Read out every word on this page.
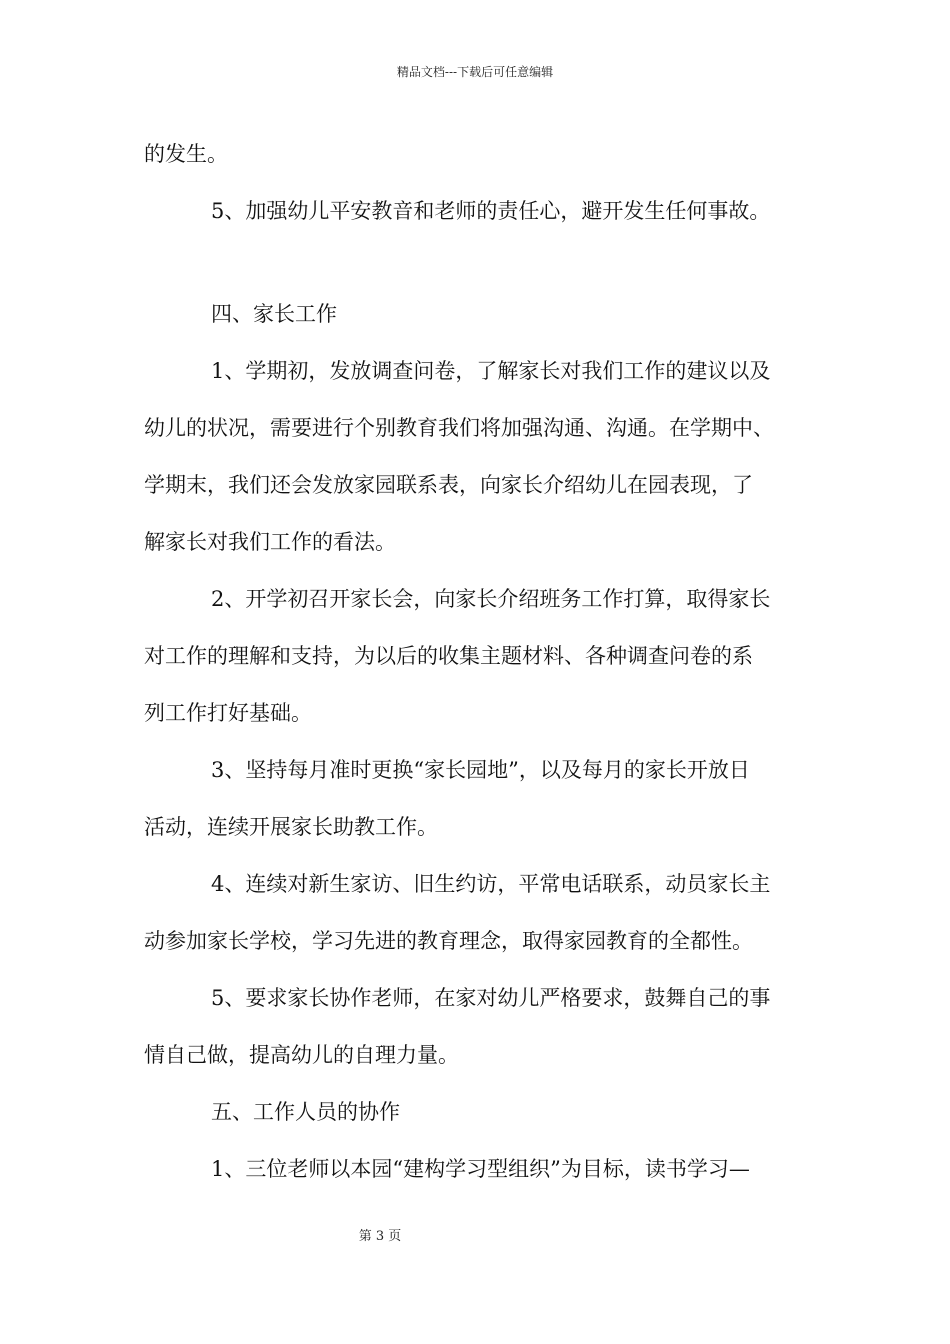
精品文档---下载后可任意编辑
的发生。
5、加强幼儿平安教音和老师的责任心，避开发生任何事故。
四、家长工作
1、学期初，发放调查问卷，了解家长对我们工作的建议以及
幼儿的状况，需要进行个别教育我们将加强沟通、沟通。在学期中、
学期末，我们还会发放家园联系表，向家长介绍幼儿在园表现，了
解家长对我们工作的看法。
2、开学初召开家长会，向家长介绍班务工作打算，取得家长
对工作的理解和支持，为以后的收集主题材料、各种调查问卷的系
列工作打好基础。
3、坚持每月准时更换“家长园地”，以及每月的家长开放日
活动，连续开展家长助教工作。
4、连续对新生家访、旧生约访，平常电话联系，动员家长主
动参加家长学校，学习先进的教育理念，取得家园教育的全都性。
5、要求家长协作老师，在家对幼儿严格要求，鼓舞自己的事
情自己做，提高幼儿的自理力量。
五、工作人员的协作
1、三位老师以本园“建构学习型组织”为目标，读书学习—
第 3 页
